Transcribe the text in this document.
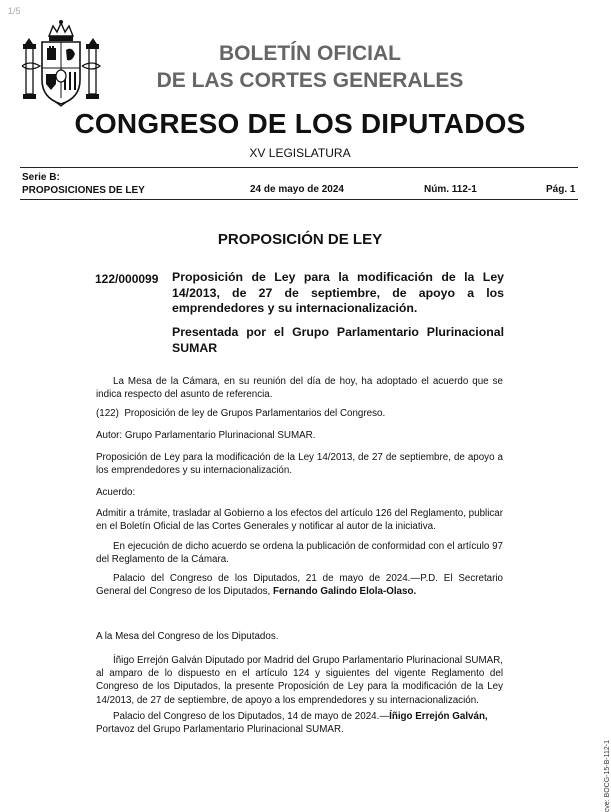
1/5
BOLETÍN OFICIAL
DE LAS CORTES GENERALES
CONGRESO DE LOS DIPUTADOS
XV LEGISLATURA
Serie B:
PROPOSICIONES DE LEY	24 de mayo de 2024	Núm. 112-1	Pág. 1
PROPOSICIÓN DE LEY
122/000099 Proposición de Ley para la modificación de la Ley 14/2013, de 27 de septiembre, de apoyo a los emprendedores y su internacionalización.
Presentada por el Grupo Parlamentario Plurinacional SUMAR

La Mesa de la Cámara, en su reunión del día de hoy, ha adoptado el acuerdo que se indica respecto del asunto de referencia.

(122)  Proposición de ley de Grupos Parlamentarios del Congreso.

Autor: Grupo Parlamentario Plurinacional SUMAR.

Proposición de Ley para la modificación de la Ley 14/2013, de 27 de septiembre, de apoyo a los emprendedores y su internacionalización.

Acuerdo:

Admitir a trámite, trasladar al Gobierno a los efectos del artículo 126 del Reglamento, publicar en el Boletín Oficial de las Cortes Generales y notificar al autor de la iniciativa.

En ejecución de dicho acuerdo se ordena la publicación de conformidad con el artículo 97 del Reglamento de la Cámara.

Palacio del Congreso de los Diputados, 21 de mayo de 2024.—P.D. El Secretario General del Congreso de los Diputados, Fernando Galindo Elola-Olaso.

A la Mesa del Congreso de los Diputados.

Íñigo Errejón Galván Diputado por Madrid del Grupo Parlamentario Plurinacional SUMAR, al amparo de lo dispuesto en el artículo 124 y siguientes del vigente Reglamento del Congreso de los Diputados, la presente Proposición de Ley para la modificación de la Ley 14/2013, de 27 de septiembre, de apoyo a los emprendedores y su internacionalización.

Palacio del Congreso de los Diputados, 14 de mayo de 2024.—Íñigo Errejón Galván,
Portavoz del Grupo Parlamentario Plurinacional SUMAR.

cve: BOCG-15-B-112-1
